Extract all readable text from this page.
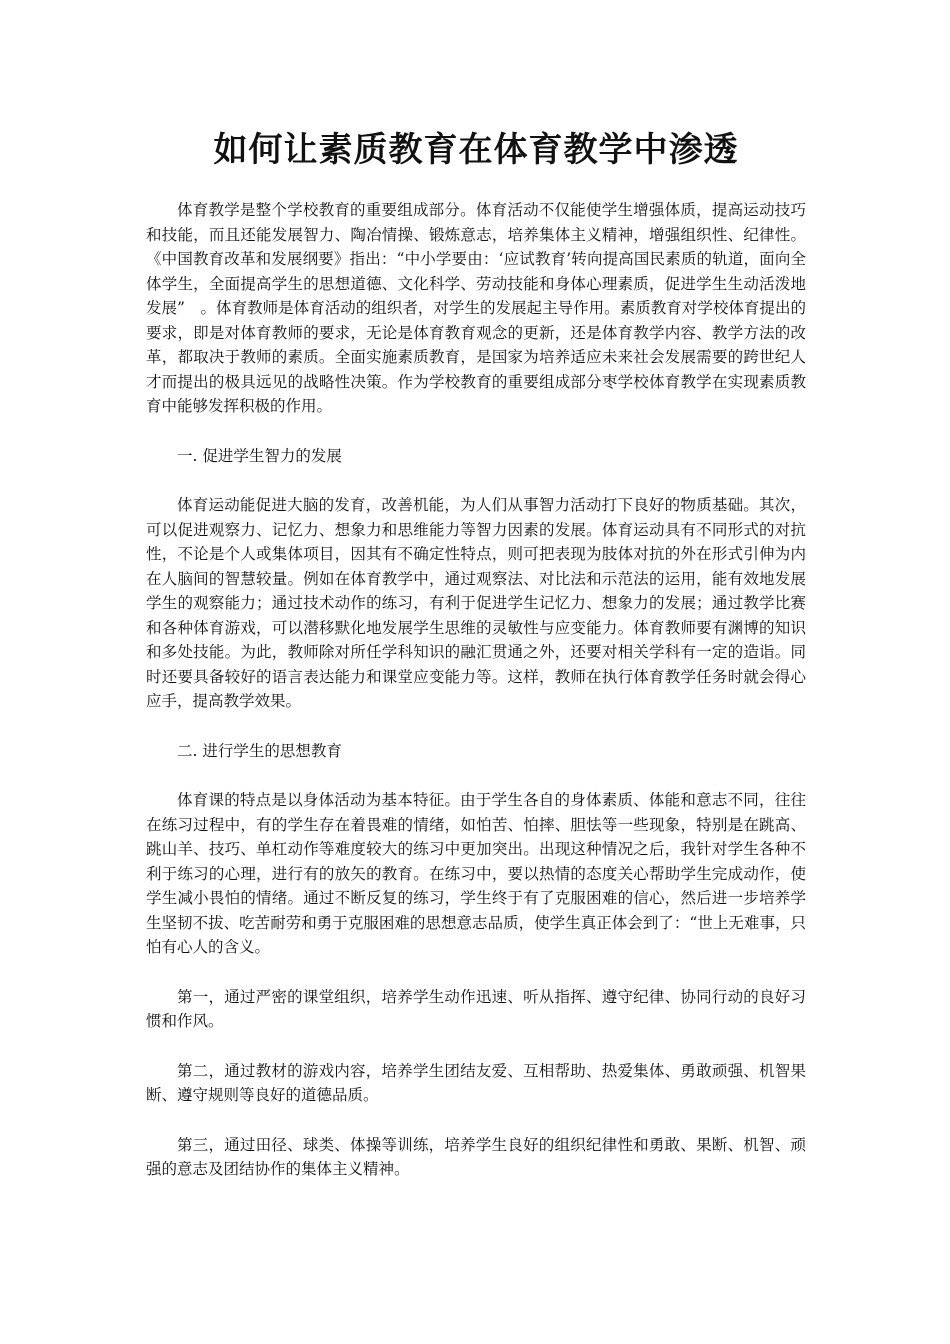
如何让素质教育在体育教学中渗透

体育教学是整个学校教育的重要组成部分。体育活动不仅能使学生增强体质，提高运动技巧和技能，而且还能发展智力、陶冶情操、锻炼意志，培养集体主义精神，增强组织性、纪律性。《中国教育改革和发展纲要》指出：“中小学要由：‘应试教育’转向提高国民素质的轨道，面向全体学生，全面提高学生的思想道德、文化科学、劳动技能和身体心理素质，促进学生生动活泼地发展”　。体育教师是体育活动的组织者，对学生的发展起主导作用。素质教育对学校体育提出的要求，即是对体育教师的要求，无论是体育教育观念的更新，还是体育教学内容、教学方法的改革，都取决于教师的素质。全面实施素质教育，是国家为培养适应未来社会发展需要的跨世纪人才而提出的极具远见的战略性决策。作为学校教育的重要组成部分枣学校体育教学在实现素质教育中能够发挥积极的作用。

一. 促进学生智力的发展

体育运动能促进大脑的发育，改善机能，为人们从事智力活动打下良好的物质基础。其次，可以促进观察力、记忆力、想象力和思维能力等智力因素的发展。体育运动具有不同形式的对抗性，不论是个人或集体项目，因其有不确定性特点，则可把表现为肢体对抗的外在形式引伸为内在人脑间的智慧较量。例如在体育教学中，通过观察法、对比法和示范法的运用，能有效地发展学生的观察能力；通过技术动作的练习，有利于促进学生记忆力、想象力的发展；通过教学比赛和各种体育游戏，可以潜移默化地发展学生思维的灵敏性与应变能力。体育教师要有渊博的知识和多处技能。为此，教师除对所任学科知识的融汇贯通之外，还要对相关学科有一定的造诣。同时还要具备较好的语言表达能力和课堂应变能力等。这样，教师在执行体育教学任务时就会得心应手，提高教学效果。

二. 进行学生的思想教育

体育课的特点是以身体活动为基本特征。由于学生各自的身体素质、体能和意志不同，往往在练习过程中，有的学生存在着畏难的情绪，如怕苦、怕摔、胆怯等一些现象，特别是在跳高、跳山羊、技巧、单杠动作等难度较大的练习中更加突出。出现这种情况之后，我针对学生各种不利于练习的心理，进行有的放矢的教育。在练习中，要以热情的态度关心帮助学生完成动作，使学生减小畏怕的情绪。通过不断反复的练习，学生终于有了克服困难的信心，然后进一步培养学生坚韧不拔、吃苦耐劳和勇于克服困难的思想意志品质，使学生真正体会到了：“世上无难事，只怕有心人的含义。

第一，通过严密的课堂组织，培养学生动作迅速、听从指挥、遵守纪律、协同行动的良好习惯和作风。

第二，通过教材的游戏内容，培养学生团结友爱、互相帮助、热爱集体、勇敢顽强、机智果断、遵守规则等良好的道德品质。

第三，通过田径、球类、体操等训练，培养学生良好的组织纪律性和勇敢、果断、机智、顽强的意志及团结协作的集体主义精神。
